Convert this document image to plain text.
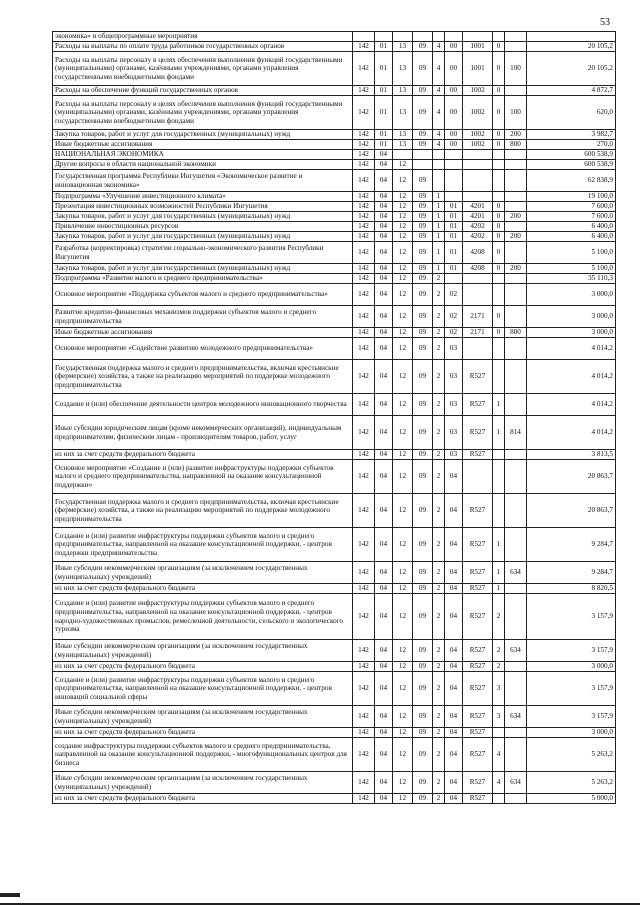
53
экономика» и общепрограммные мероприятия										
Расходы на выплаты по оплате труда работников государственных органов	142	01	13	09	4	00	1001	0		20 105,2
Расходы на выплаты персоналу в целях обеспечения выполнения функций государственными (муниципальными) органами, казёнными учреждениями, органами управления государственными внебюджетными фондами	142	01	13	09	4	00	1001	0	100	20 105,2
Расходы на обеспечение функций государственных органов	142	01	13	09	4	00	1002	0		4 872,7
Расходы на выплаты персоналу в целях обеспечения выполнения функций государственными (муниципальными) органами, казёнными учреждениями, органами управления государственными внебюджетными фондами	142	01	13	09	4	00	1002	0	100	620,0
Закупка товаров, работ и услуг для государственных (муниципальных) нужд	142	01	13	09	4	00	1002	0	200	3 982,7
Иные бюджетные ассигнования	142	01	13	09	4	00	1002	0	800	270,0
НАЦИОНАЛЬНАЯ ЭКОНОМИКА	142	04								600 538,9
Другие вопросы в области национальной экономики	142	04	12							600 538,9
Государственная программа Республики Ингушетия «Экономическое развитие и инновационная экономика»	142	04	12	09						62 838,9
Подпрограмма «Улучшение инвестиционного климата»	142	04	12	09	1					19 100,0
Презентация инвестиционных возможностей Республики Ингушетия	142	04	12	09	1	01	4201	0		7 600,0
Закупка товаров, работ и услуг для государственных (муниципальных) нужд	142	04	12	09	1	01	4201	0	200	7 600,0
Привлечение инвестиционных ресурсов	142	04	12	09	1	01	4202	0		6 400,0
Закупка товаров, работ и услуг для государственных (муниципальных) нужд	142	04	12	09	1	01	4202	0	200	6 400,0
Разработка (корректировка) стратегии социально-экономического развития Республики Ингушетия	142	04	12	09	1	01	4208	0		5 100,0
Закупка товаров, работ и услуг для государственных (муниципальных) нужд	142	04	12	09	1	01	4208	0	200	5 100,0
Подпрограмма «Развитие малого и среднего предпринимательства»	142	04	12	09	2					35 110,3
Основное мероприятие «Поддержка субъектов малого и среднего предпринимательства»	142	04	12	09	2	02				3 000,0
Развитие кредитно-финансовых механизмов поддержки субъектов малого и среднего предпринимательства	142	04	12	09	2	02	2171	0		3 000,0
Иные бюджетные ассигнования	142	04	12	09	2	02	2171	0	800	3 000,0
Основное мероприятие «Содействие развитию молодежного предпринимательства»	142	04	12	09	2	03				4 014,2
Государственная поддержка малого и среднего предпринимательства, включая крестьянские (фермерские) хозяйства, а также на реализацию мероприятий по поддержке молодежного предпринимательства	142	04	12	09	2	03	R527			4 014,2
Создание и (или) обеспечение деятельности центров молодежного инновационного творчества	142	04	12	09	2	03	R527	1		4 014,2
Иные субсидии юридическим лицам (кроме некоммерческих организаций), индивидуальным предпринимателям, физическим лицам - производителям товаров, работ, услуг	142	04	12	09	2	03	R527	1	814	4 014,2
из них за счет средств федерального бюджета	142	04	12	09	2	03	R527			3 813,5
Основное мероприятие «Создание и (или) развитие инфраструктуры поддержки субъектов малого и среднего предпринимательства, направленной на оказание консультационной поддержки»	142	04	12	09	2	04				20 863,7
Государственная поддержка малого и среднего предпринимательства, включая крестьянские (фермерские) хозяйства, а также на реализацию мероприятий по поддержке молодежного предпринимательства	142	04	12	09	2	04	R527			20 863,7
Создание и (или) развитие инфраструктуры поддержки субъектов малого и среднего предпринимательства, направленной на оказание консультационной поддержки, - центров поддержки предпринимательства	142	04	12	09	2	04	R527	1		9 284,7
Иные субсидии некоммерческим организациям (за исключением государственных (муниципальных) учреждений)	142	04	12	09	2	04	R527	1	634	9 284,7
из них за счет средств федерального бюджета	142	04	12	09	2	04	R527	1		8 820,5
Создание и (или) развитие инфраструктуры поддержки субъектов малого и среднего предпринимательства, направленной на оказание консультационной поддержки, - центров народно-художественных промыслов, ремесленной деятельности, сельского и экологического туризма	142	04	12	09	2	04	R527	2		3 157,9
Иные субсидии некоммерческим организациям (за исключением государственных (муниципальных) учреждений)	142	04	12	09	2	04	R527	2	634	3 157,9
из них за счет средств федерального бюджета	142	04	12	09	2	04	R527	2		3 000,0
Создание и (или) развитие инфраструктуры поддержки субъектов малого и среднего предпринимательства, направленной на оказание консультационной поддержки, - центров инноваций социальной сферы	142	04	12	09	2	04	R527	3		3 157,9
Иные субсидии некоммерческим организациям (за исключением государственных (муниципальных) учреждений)	142	04	12	09	2	04	R527	3	634	3 157,9
из них за счет средств федерального бюджета	142	04	12	09	2	04	R527			3 000,0
создание инфраструктуры поддержки субъектов малого и среднего предпринимательства, направленной на оказание консультационной поддержки, - многофункциональных центров для бизнеса	142	04	12	09	2	04	R527	4		5 263,2
Иные субсидии некоммерческим организациям (за исключением государственных (муниципальных) учреждений)	142	04	12	09	2	04	R527	4	634	5 263,2
из них за счет средств федерального бюджета	142	04	12	09	2	04	R527			5 000,0
